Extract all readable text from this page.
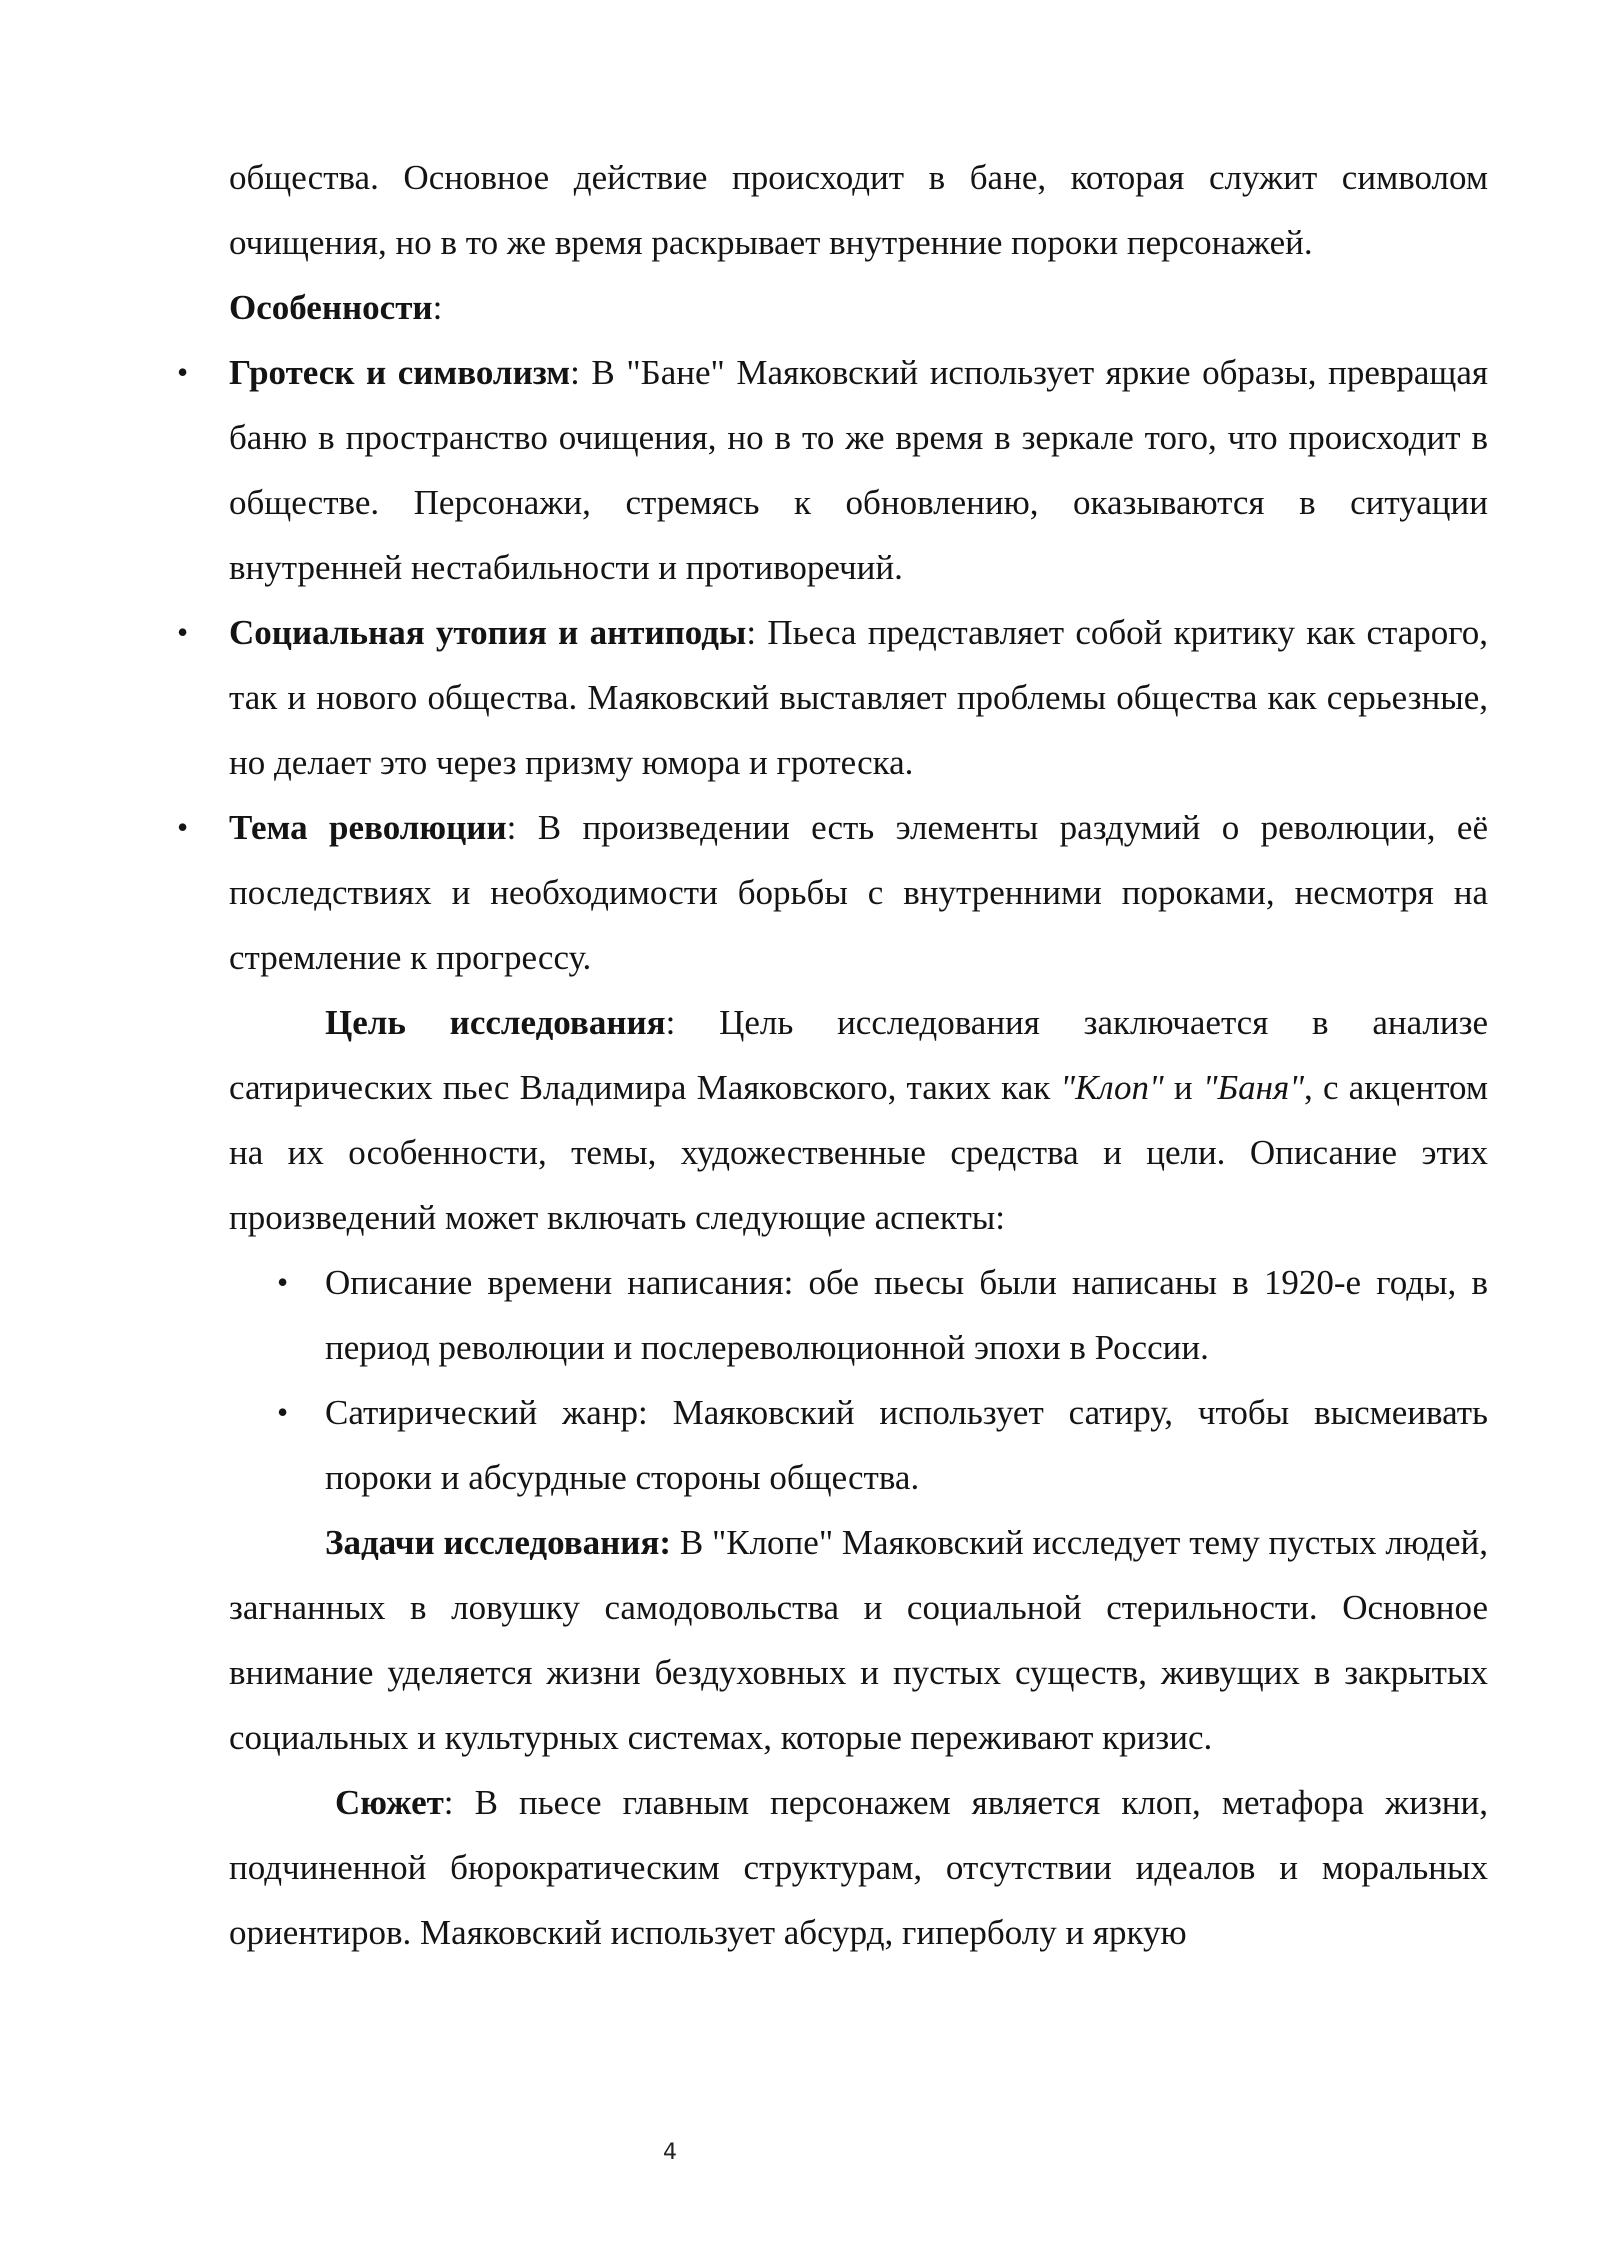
общества. Основное действие происходит в бане, которая служит символом очищения, но в то же время раскрывает внутренние пороки персонажей.

Особенности:

• Гротеск и символизм: В "Бане" Маяковский использует яркие образы, превращая баню в пространство очищения, но в то же время в зеркале того, что происходит в обществе. Персонажи, стремясь к обновлению, оказываются в ситуации внутренней нестабильности и противоречий.
• Социальная утопия и антиподы: Пьеса представляет собой критику как старого, так и нового общества. Маяковский выставляет проблемы общества как серьезные, но делает это через призму юмора и гротеска.
• Тема революции: В произведении есть элементы раздумий о революции, её последствиях и необходимости борьбы с внутренними пороками, несмотря на стремление к прогрессу.

Цель исследования: Цель исследования заключается в анализе сатирических пьес Владимира Маяковского, таких как "Клоп" и "Баня", с акцентом на их особенности, темы, художественные средства и цели. Описание этих произведений может включать следующие аспекты:

• Описание времени написания: обе пьесы были написаны в 1920-е годы, в период революции и послереволюционной эпохи в России.
• Сатирический жанр: Маяковский использует сатиру, чтобы высмеивать пороки и абсурдные стороны общества.

Задачи исследования: В "Клопе" Маяковский исследует тему пустых людей, загнанных в ловушку самодовольства и социальной стерильности. Основное внимание уделяется жизни бездуховных и пустых существ, живущих в закрытых социальных и культурных системах, которые переживают кризис.

Сюжет: В пьесе главным персонажем является клоп, метафора жизни, подчиненной бюрократическим структурам, отсутствии идеалов и моральных ориентиров. Маяковский использует абсурд, гиперболу и яркую

4
